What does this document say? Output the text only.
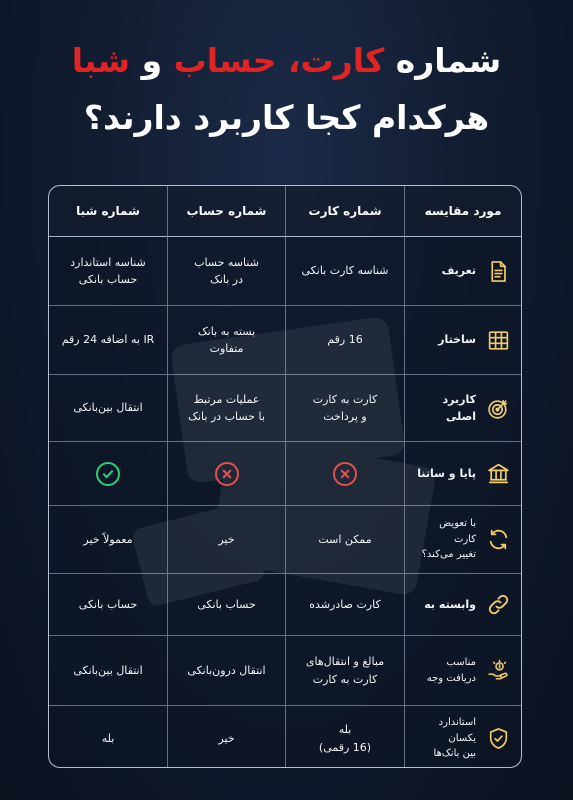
شماره کارت، حساب و شبا
هرکدام کجا کاربرد دارند؟
مورد مقایسه
شماره کارت
شماره حساب
شماره شبا
تعریف
شناسه کارت بانکی
شناسه حساب
در بانک
شناسه استاندارد
حساب بانکی
ساختار
16 رقم
بسته به بانک
متفاوت
IR به اضافه 24 رقم
کاربرد اصلی
کارت به کارت
و پرداخت
عملیات مرتبط
با حساب در بانک
انتقال بین‌بانکی
پایا و ساتنا
با تعویض کارت
تغییر می‌کند؟
ممکن است
خیر
معمولاً خیر
وابسته به
کارت صادرشده
حساب بانکی
حساب بانکی
مناسب دریافت وجه
مبالغ و انتقال‌های
کارت به کارت
انتقال درون‌بانکی
انتقال بین‌بانکی
استاندارد یکسان
بین بانک‌ها
بله
(16 رقمی)
خیر
بله
